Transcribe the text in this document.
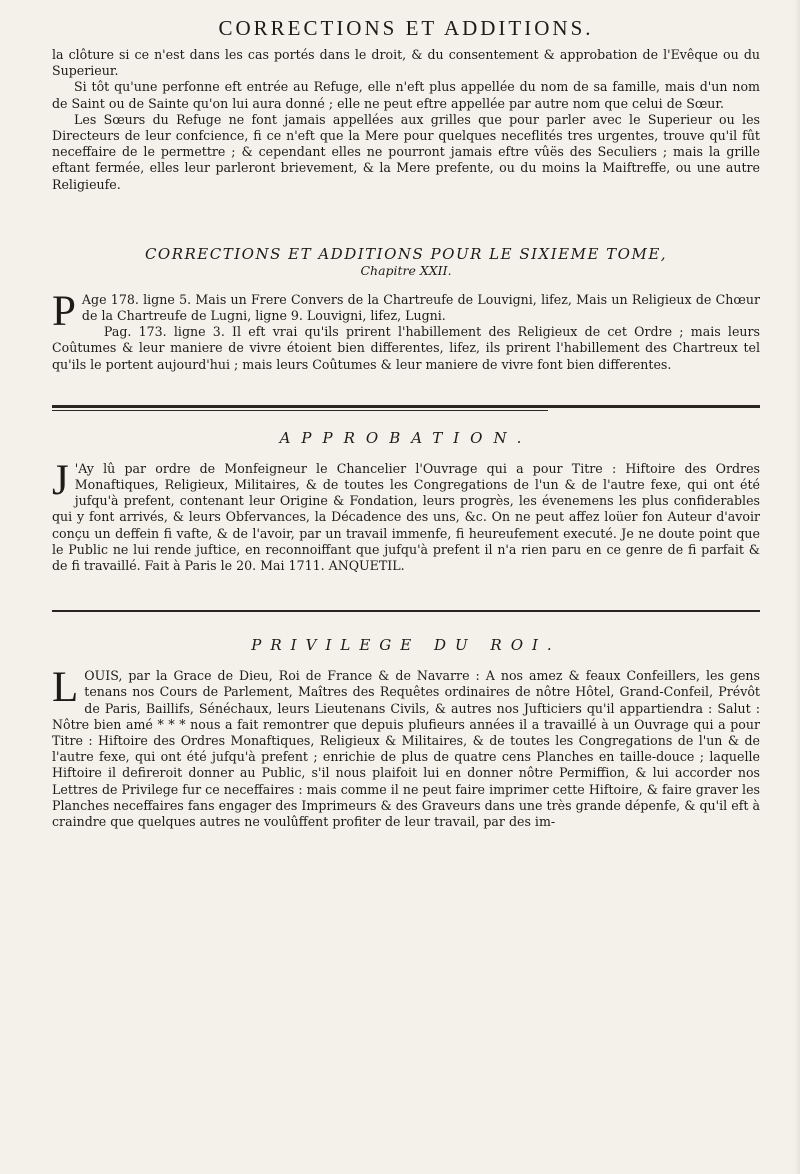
CORRECTIONS ET ADDITIONS.

la clôture si ce n'est dans les cas portés dans le droit, & du consentement & approbation de l'Evêque ou du Superieur.

Si tôt qu'une perfonne eft entrée au Refuge, elle n'eft plus appellée du nom de sa famille, mais d'un nom de Saint ou de Sainte qu'on lui aura donné ; elle ne peut eftre appellée par autre nom que celui de Sœur.

Les Sœurs du Refuge ne font jamais appellées aux grilles que pour parler avec le Superieur ou les Directeurs de leur confcience, fi ce n'eft que la Mere pour quelques neceflités tres urgentes, trouve qu'il fût neceffaire de le permettre ; & cependant elles ne pourront jamais eftre vûës des Seculiers ; mais la grille eftant fermée, elles leur parleront brievement, & la Mere prefente, ou du moins la Maiftreffe, ou une autre Religieufe.

CORRECTIONS ET ADDITIONS POUR LE SIXIEME TOME,
Chapitre XXII.

P Age 178. ligne 5. Mais un Frere Convers de la Chartreufe de Louvigni, lifez, Mais un Religieux de Chœur de la Chartreufe de Lugni, ligne 9. Louvigni, lifez, Lugni.

Pag. 173. ligne 3. Il eft vrai qu'ils prirent l'habillement des Religieux de cet Ordre ; mais leurs Coûtumes & leur maniere de vivre étoient bien differentes, lifez, ils prirent l'habillement des Chartreux tel qu'ils le portent aujourd'hui ; mais leurs Coûtumes & leur maniere de vivre font bien differentes.

APPROBATION.

J 'Ay lû par ordre de Monfeigneur le Chancelier l'Ouvrage qui a pour Titre : Hiftoire des Ordres Monaftiques, Religieux, Militaires, & de toutes les Congregations de l'un & de l'autre fexe, qui ont été jufqu'à prefent, contenant leur Origine & Fondation, leurs progrès, les évenemens les plus confiderables qui y font arrivés, & leurs Obfervances, la Décadence des uns, &c. On ne peut affez loüer fon Auteur d'avoir conçu un deffein fi vafte, & de l'avoir, par un travail immenfe, fi heureufement executé. Je ne doute point que le Public ne lui rende juftice, en reconnoiffant que jufqu'à prefent il n'a rien paru en ce genre de fi parfait & de fi travaillé. Fait à Paris le 20. Mai 1711. ANQUETIL.

PRIVILEGE DU ROI.

LOUIS, par la Grace de Dieu, Roi de France & de Navarre : A nos amez & feaux Confeillers, les gens tenans nos Cours de Parlement, Maîtres des Requêtes ordinaires de nôtre Hôtel, Grand-Confeil, Prévôt de Paris, Baillifs, Sénéchaux, leurs Lieutenans Civils, & autres nos Jufticiers qu'il appartiendra : Salut : Nôtre bien amé * * * nous a fait remontrer que depuis plufieurs années il a travaillé à un Ouvrage qui a pour Titre : Hiftoire des Ordres Monaftiques, Religieux & Militaires, & de toutes les Congregations de l'un & de l'autre fexe, qui ont été jufqu'à prefent ; enrichie de plus de quatre cens Planches en taille-douce ; laquelle Hiftoire il defireroit donner au Public, s'il nous plaifoit lui en donner nôtre Permiffion, & lui accorder nos Lettres de Privilege fur ce neceffaires : mais comme il ne peut faire imprimer cette Hiftoire, & faire graver les Planches neceffaires fans engager des Imprimeurs & des Graveurs dans une très grande dépenfe, & qu'il eft à craindre que quelques autres ne voulûffent profiter de leur travail, par des im-
